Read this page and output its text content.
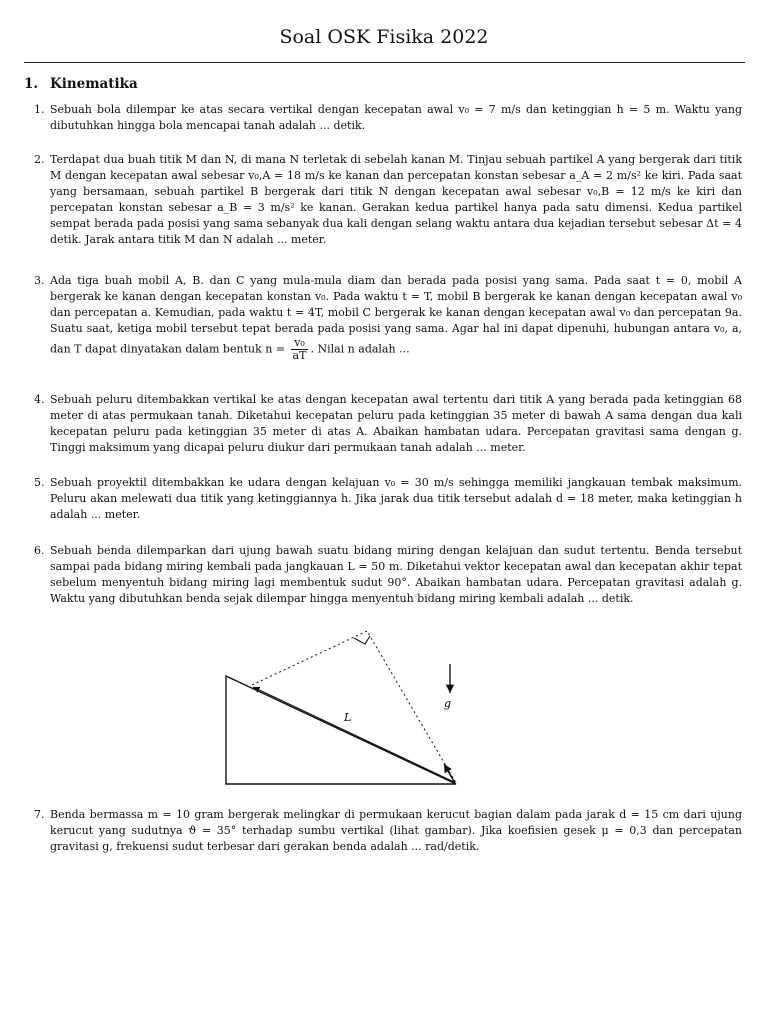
Soal OSK Fisika 2022
1. Kinematika
1. Sebuah bola dilempar ke atas secara vertikal dengan kecepatan awal v₀ = 7 m/s dan ketinggian h = 5 m. Waktu yang dibutuhkan hingga bola mencapai tanah adalah ... detik.

2. Terdapat dua buah titik M dan N, di mana N terletak di sebelah kanan M. Tinjau sebuah partikel A yang bergerak dari titik M dengan kecepatan awal sebesar v₀,A = 18 m/s ke kanan dan percepatan konstan sebesar a_A = 2 m/s² ke kiri. Pada saat yang bersamaan, sebuah partikel B bergerak dari titik N dengan kecepatan awal sebesar v₀,B = 12 m/s ke kiri dan percepatan konstan sebesar a_B = 3 m/s² ke kanan. Gerakan kedua partikel hanya pada satu dimensi. Kedua partikel sempat berada pada posisi yang sama sebanyak dua kali dengan selang waktu antara dua kejadian tersebut sebesar Δt = 4 detik. Jarak antara titik M dan N adalah ... meter.

3. Ada tiga buah mobil A, B. dan C yang mula-mula diam dan berada pada posisi yang sama. Pada saat t = 0, mobil A bergerak ke kanan dengan kecepatan konstan v₀. Pada waktu t = T, mobil B bergerak ke kanan dengan kecepatan awal v₀ dan percepatan a. Kemudian, pada waktu t = 4T, mobil C bergerak ke kanan dengan kecepatan awal v₀ dan percepatan 9a. Suatu saat, ketiga mobil tersebut tepat berada pada posisi yang sama. Agar hal ini dapat dipenuhi, hubungan antara v₀, a, dan T dapat dinyatakan dalam bentuk $n = \frac{\text{v₀}}{aT}$ . Nilai n adalah ...

4. Sebuah peluru ditembakkan vertikal ke atas dengan kecepatan awal tertentu dari titik A yang berada pada ketinggian 68 meter di atas permukaan tanah. Diketahui kecepatan peluru pada ketinggian 35 meter di bawah A sama dengan dua kali kecepatan peluru pada ketinggian 35 meter di atas A. Abaikan hambatan udara. Percepatan gravitasi sama dengan g. Tinggi maksimum yang dicapai peluru diukur dari permukaan tanah adalah ... meter.

5. Sebuah proyektil ditembakkan ke udara dengan kelajuan v₀ = 30 m/s sehingga memiliki jangkauan tembak maksimum. Peluru akan melewati dua titik yang ketinggiannya h. Jika jarak dua titik tersebut adalah d = 18 meter, maka ketinggian h adalah ... meter.

6. Sebuah benda dilemparkan dari ujung bawah suatu bidang miring dengan kelajuan dan sudut tertentu. Benda tersebut sampai pada bidang miring kembali pada jangkauan L = 50 m. Diketahui vektor kecepatan awal dan kecepatan akhir tepat sebelum menyentuh bidang miring lagi membentuk sudut 90°. Abaikan hambatan udara. Percepatan gravitasi adalah g. Waktu yang dibutuhkan benda sejak dilempar hingga menyentuh bidang miring kembali adalah ... detik.

L
g
7. Benda bermassa m = 10 gram bergerak melingkar di permukaan kerucut bagian dalam pada jarak d = 15 cm dari ujung kerucut yang sudutnya ϑ = 35° terhadap sumbu vertikal (lihat gambar). Jika koefisien gesek μ = 0,3 dan percepatan gravitasi g, frekuensi sudut terbesar dari gerakan benda adalah ... rad/detik.
